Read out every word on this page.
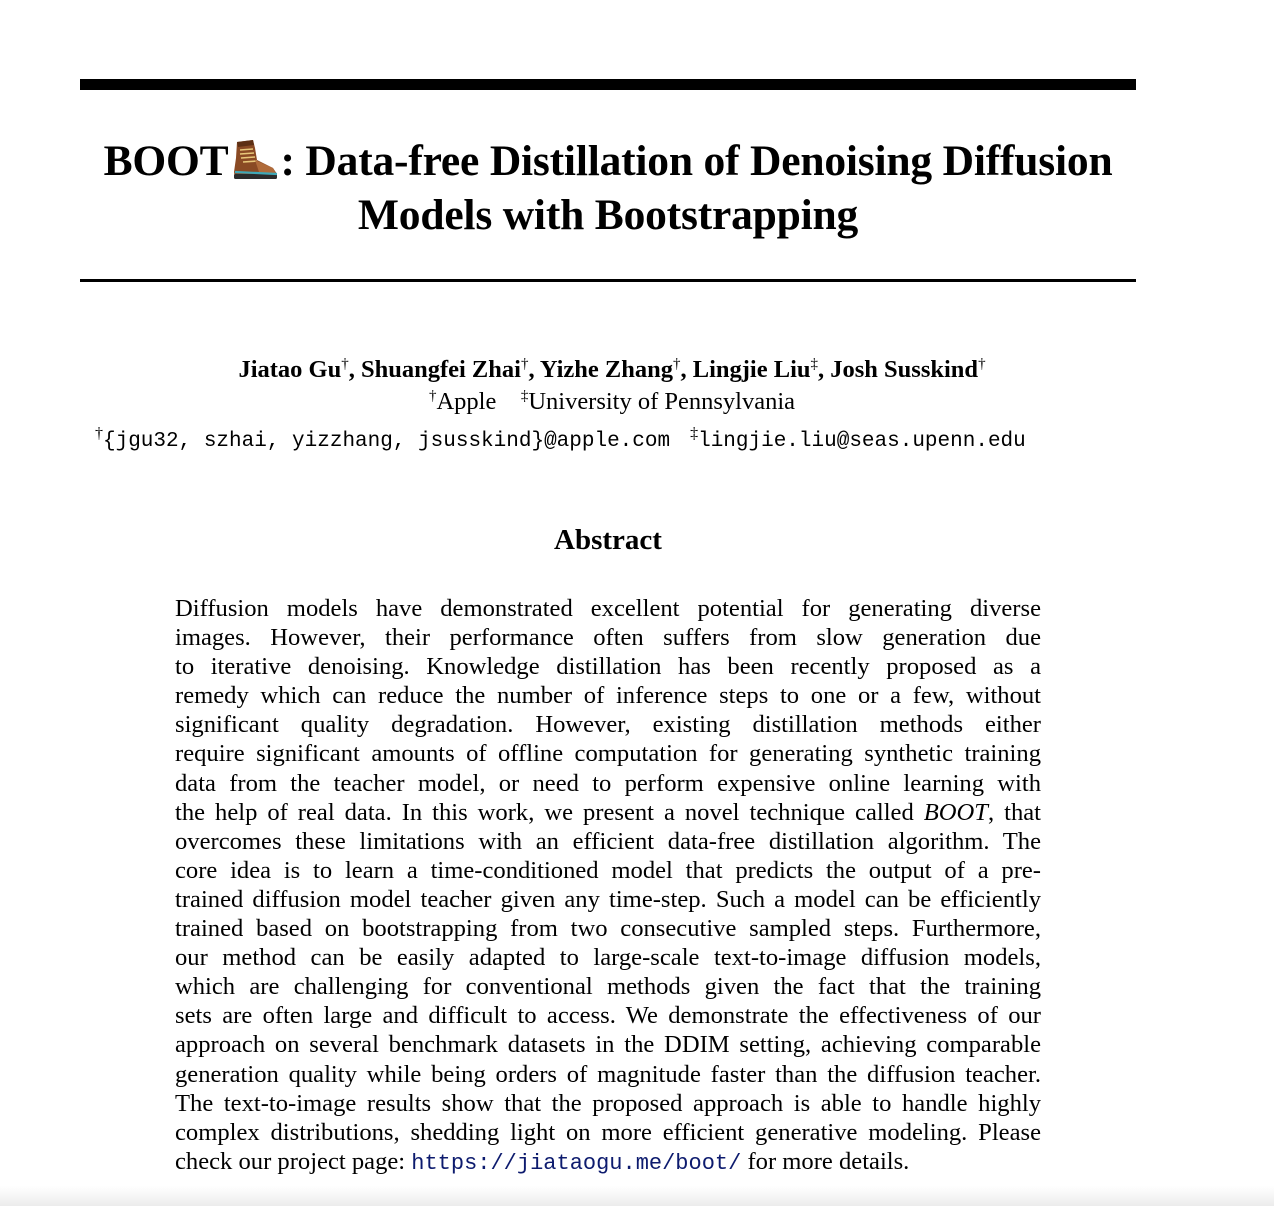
BOOT : Data-free Distillation of Denoising Diffusion
Models with Bootstrapping
Jiatao Gu†, Shuangfei Zhai†, Yizhe Zhang†, Lingjie Liu‡, Josh Susskind†
†Apple ‡University of Pennsylvania
†{jgu32, szhai, yizzhang, jsusskind}@apple.com ‡lingjie.liu@seas.upenn.edu
Abstract
Diffusion models have demonstrated excellent potential for generating diverse
images. However, their performance often suffers from slow generation due
to iterative denoising. Knowledge distillation has been recently proposed as a
remedy which can reduce the number of inference steps to one or a few, without
significant quality degradation. However, existing distillation methods either
require significant amounts of offline computation for generating synthetic training
data from the teacher model, or need to perform expensive online learning with
the help of real data. In this work, we present a novel technique called BOOT, that
overcomes these limitations with an efficient data-free distillation algorithm. The
core idea is to learn a time-conditioned model that predicts the output of a pre-
trained diffusion model teacher given any time-step. Such a model can be efficiently
trained based on bootstrapping from two consecutive sampled steps. Furthermore,
our method can be easily adapted to large-scale text-to-image diffusion models,
which are challenging for conventional methods given the fact that the training
sets are often large and difficult to access. We demonstrate the effectiveness of our
approach on several benchmark datasets in the DDIM setting, achieving comparable
generation quality while being orders of magnitude faster than the diffusion teacher.
The text-to-image results show that the proposed approach is able to handle highly
complex distributions, shedding light on more efficient generative modeling. Please
check our project page: https://jiataogu.me/boot/ for more details.
